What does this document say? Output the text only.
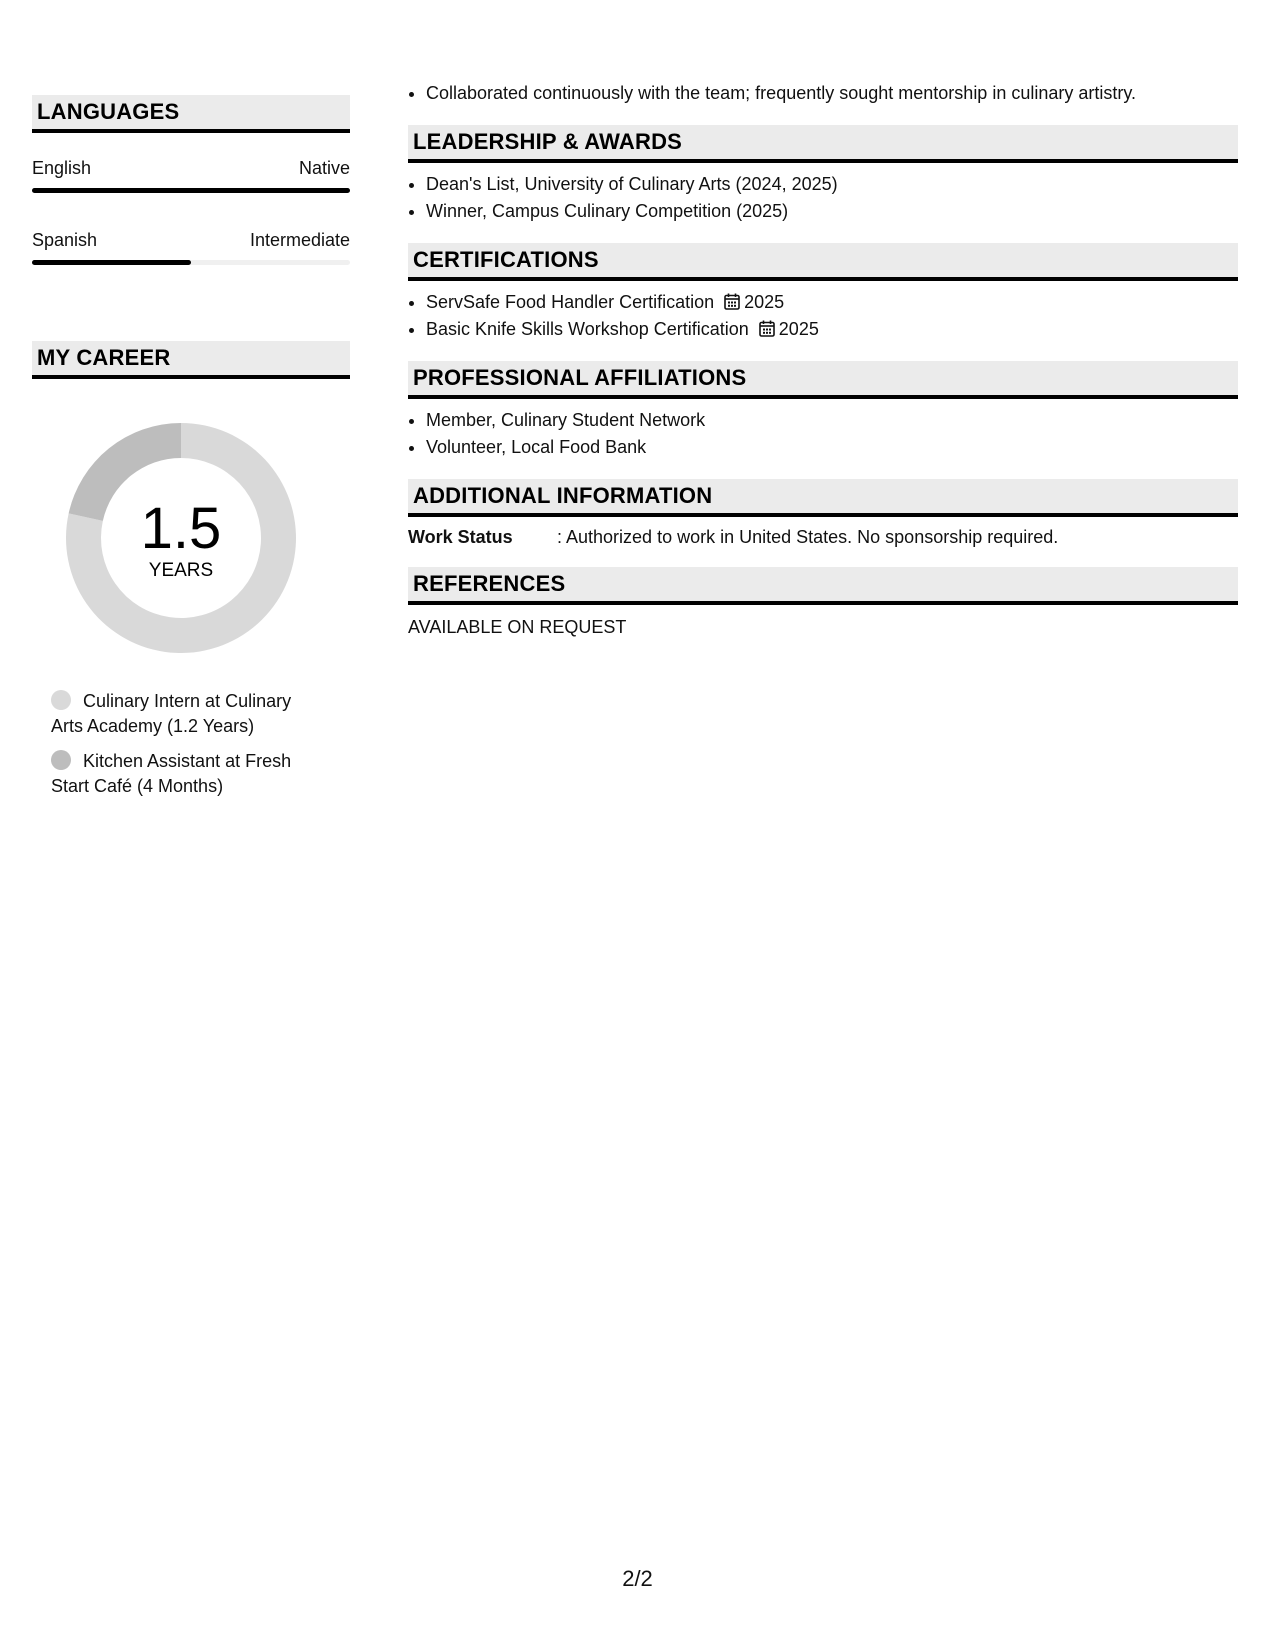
LANGUAGES
English	Native
Spanish	Intermediate
MY CAREER
1.5
YEARS
Culinary Intern at Culinary Arts Academy (1.2 Years)
Kitchen Assistant at Fresh Start Café (4 Months)
• Collaborated continuously with the team; frequently sought mentorship in culinary artistry.
LEADERSHIP & AWARDS
• Dean's List, University of Culinary Arts (2024, 2025)
• Winner, Campus Culinary Competition (2025)
CERTIFICATIONS
• ServSafe Food Handler Certification 2025
• Basic Knife Skills Workshop Certification 2025
PROFESSIONAL AFFILIATIONS
• Member, Culinary Student Network
• Volunteer, Local Food Bank
ADDITIONAL INFORMATION
Work Status	: Authorized to work in United States. No sponsorship required.
REFERENCES
AVAILABLE ON REQUEST
2/2
